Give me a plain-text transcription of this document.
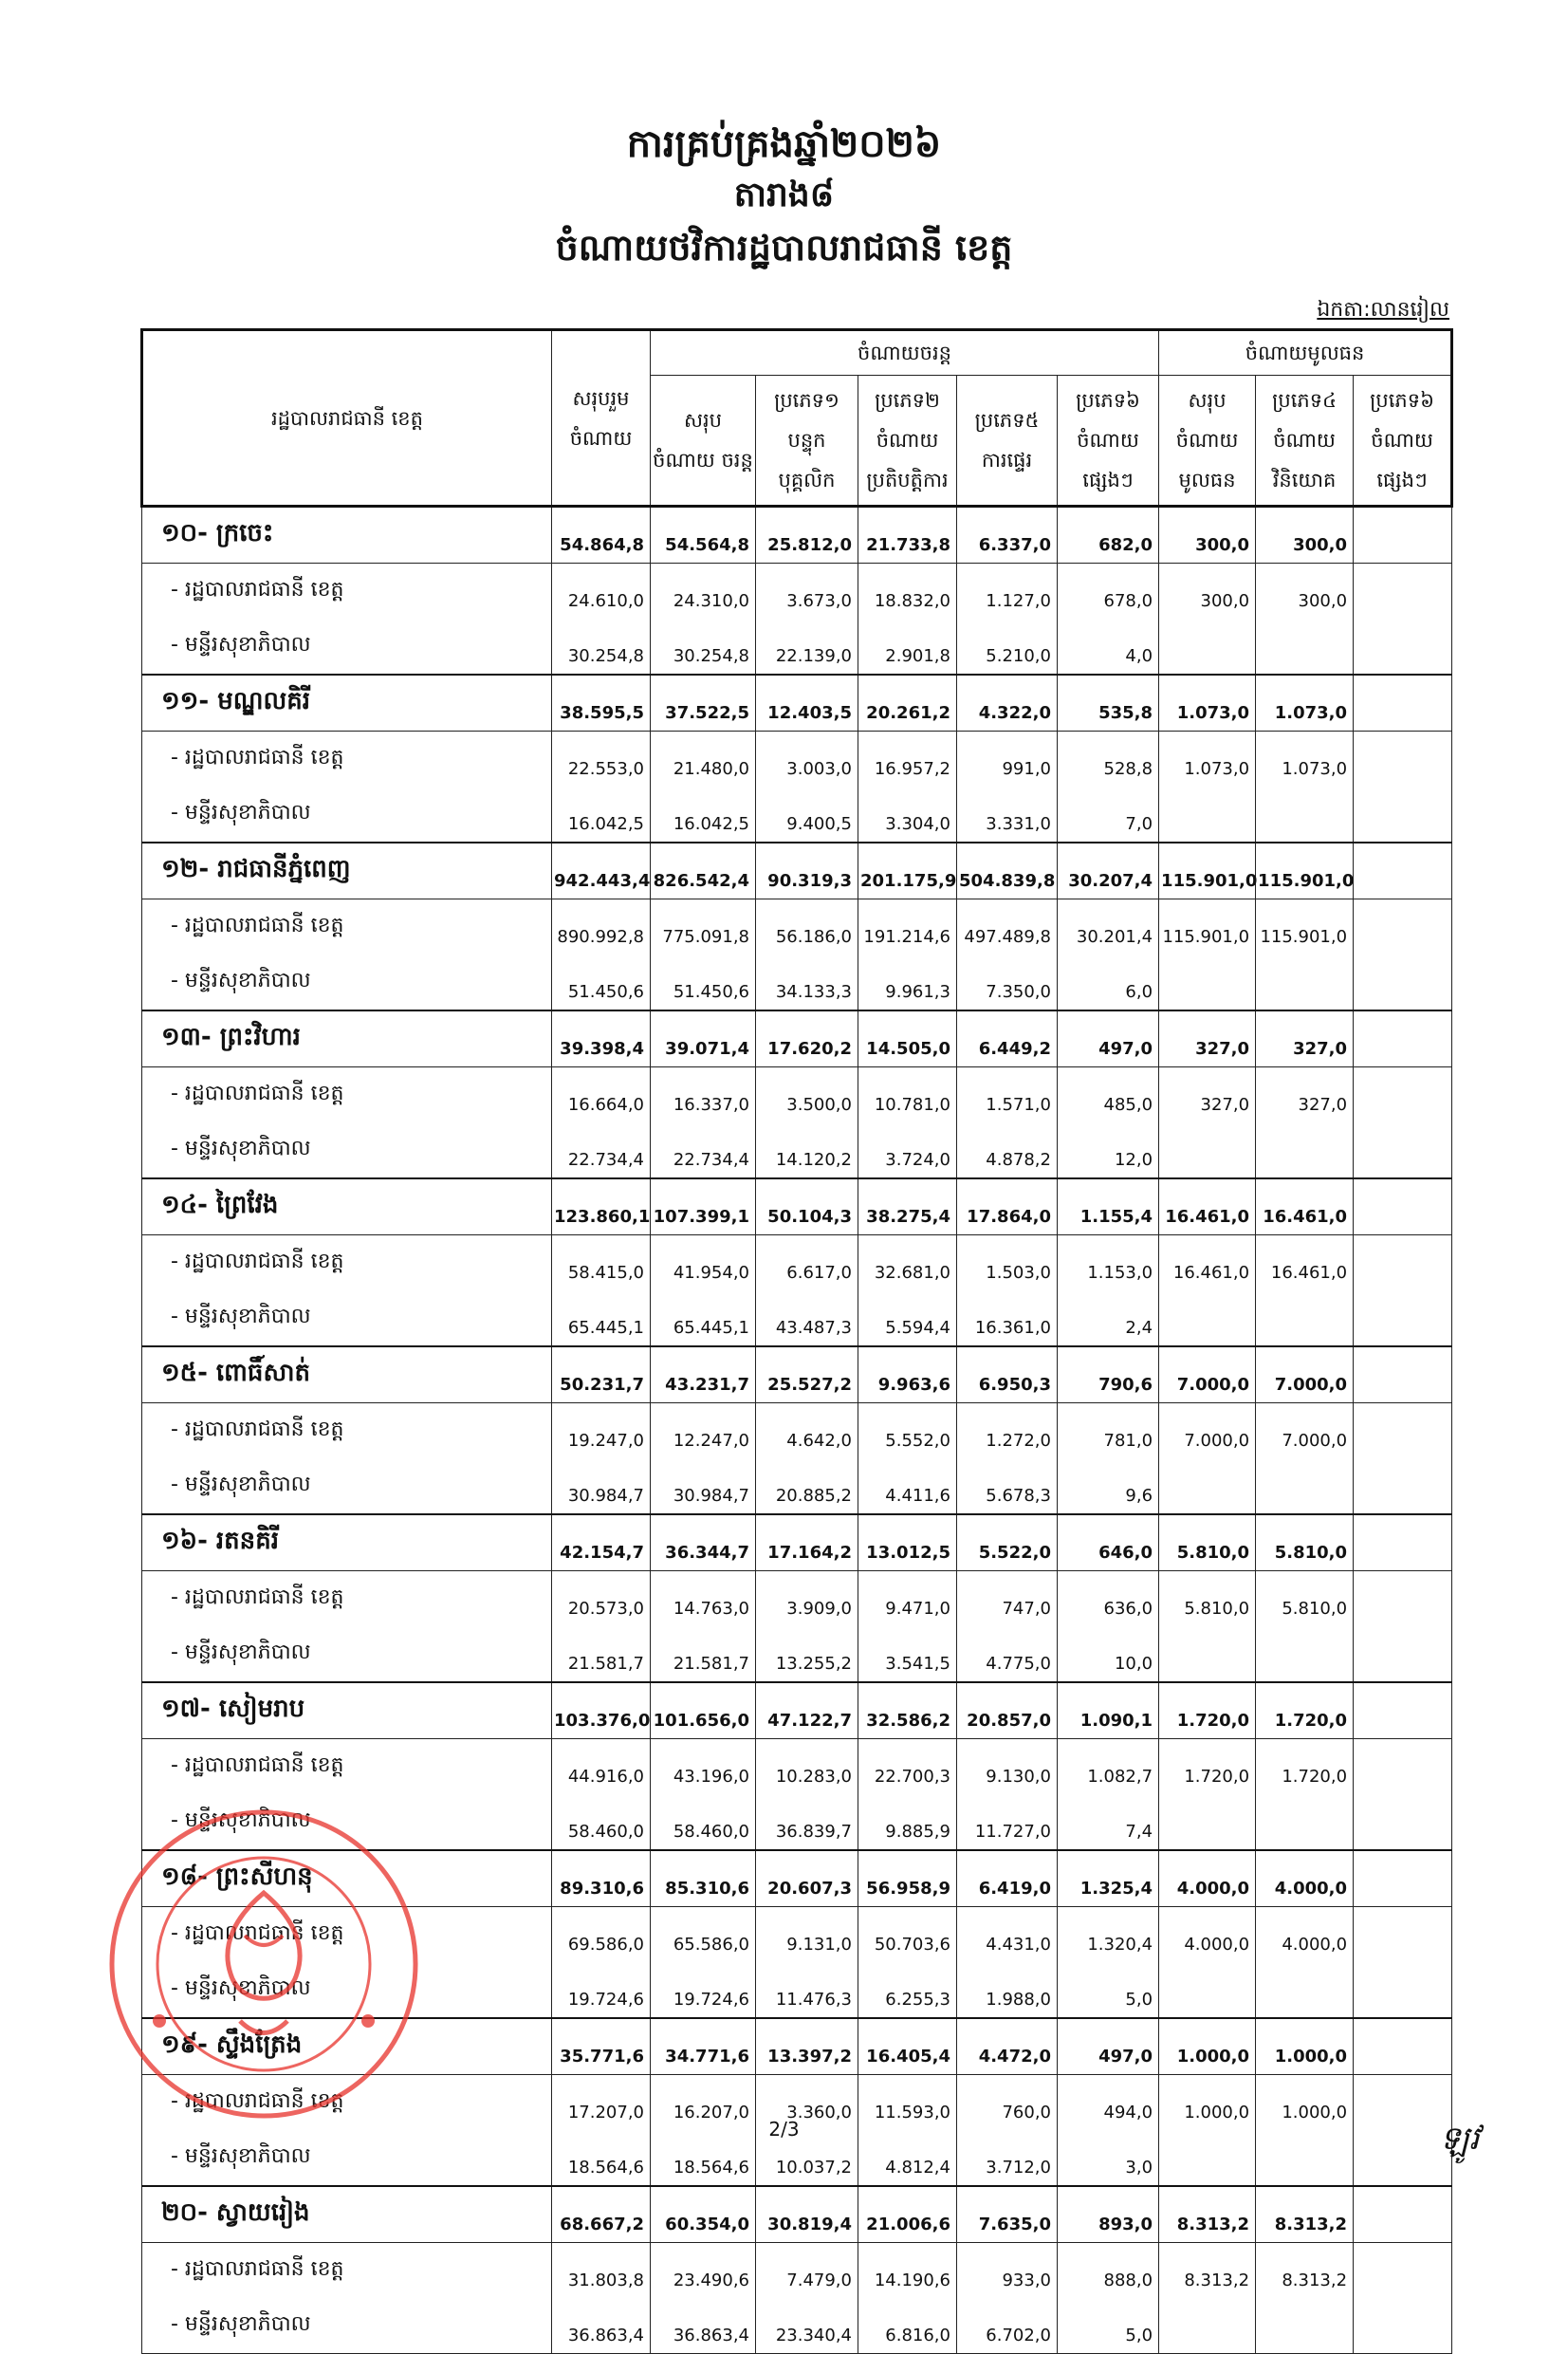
ការគ្រប់គ្រងឆ្នាំ២០២៦
តារាង៨
ចំណាយថវិការដ្ឋបាលរាជធានី ខេត្ត
ឯកតា:លានរៀល
រដ្ឋបាលរាជធានី ខេត្ត	សរុបរួម ចំណាយ	ចំណាយចរន្ត					ចំណាយមូលធន		
		សរុប ចំណាយ ចរន្ត	ប្រភេទ១ បន្ទុក បុគ្គលិក	ប្រភេទ២ ចំណាយ ប្រតិបត្តិការ	ប្រភេទ៥ ការផ្ទេរ	ប្រភេទ៦ ចំណាយ ផ្សេងៗ	សរុប ចំណាយ មូលធន	ប្រភេទ៤ ចំណាយ វិនិយោគ	ប្រភេទ៦ ចំណាយ ផ្សេងៗ
១០- ក្រចេះ	54.864,8	54.564,8	25.812,0	21.733,8	6.337,0	682,0	300,0	300,0	
- រដ្ឋបាលរាជធានី ខេត្ត	24.610,0	24.310,0	3.673,0	18.832,0	1.127,0	678,0	300,0	300,0	
- មន្ទីរសុខាភិបាល	30.254,8	30.254,8	22.139,0	2.901,8	5.210,0	4,0			
១១- មណ្ឌលគិរី	38.595,5	37.522,5	12.403,5	20.261,2	4.322,0	535,8	1.073,0	1.073,0	
- រដ្ឋបាលរាជធានី ខេត្ត	22.553,0	21.480,0	3.003,0	16.957,2	991,0	528,8	1.073,0	1.073,0	
- មន្ទីរសុខាភិបាល	16.042,5	16.042,5	9.400,5	3.304,0	3.331,0	7,0			
១២- រាជធានីភ្នំពេញ	942.443,4	826.542,4	90.319,3	201.175,9	504.839,8	30.207,4	115.901,0	115.901,0	
- រដ្ឋបាលរាជធានី ខេត្ត	890.992,8	775.091,8	56.186,0	191.214,6	497.489,8	30.201,4	115.901,0	115.901,0	
- មន្ទីរសុខាភិបាល	51.450,6	51.450,6	34.133,3	9.961,3	7.350,0	6,0			
១៣- ព្រះវិហារ	39.398,4	39.071,4	17.620,2	14.505,0	6.449,2	497,0	327,0	327,0	
- រដ្ឋបាលរាជធានី ខេត្ត	16.664,0	16.337,0	3.500,0	10.781,0	1.571,0	485,0	327,0	327,0	
- មន្ទីរសុខាភិបាល	22.734,4	22.734,4	14.120,2	3.724,0	4.878,2	12,0			
១៤- ព្រៃវែង	123.860,1	107.399,1	50.104,3	38.275,4	17.864,0	1.155,4	16.461,0	16.461,0	
- រដ្ឋបាលរាជធានី ខេត្ត	58.415,0	41.954,0	6.617,0	32.681,0	1.503,0	1.153,0	16.461,0	16.461,0	
- មន្ទីរសុខាភិបាល	65.445,1	65.445,1	43.487,3	5.594,4	16.361,0	2,4			
១៥- ពោធិ៍សាត់	50.231,7	43.231,7	25.527,2	9.963,6	6.950,3	790,6	7.000,0	7.000,0	
- រដ្ឋបាលរាជធានី ខេត្ត	19.247,0	12.247,0	4.642,0	5.552,0	1.272,0	781,0	7.000,0	7.000,0	
- មន្ទីរសុខាភិបាល	30.984,7	30.984,7	20.885,2	4.411,6	5.678,3	9,6			
១៦- រតនគិរី	42.154,7	36.344,7	17.164,2	13.012,5	5.522,0	646,0	5.810,0	5.810,0	
- រដ្ឋបាលរាជធានី ខេត្ត	20.573,0	14.763,0	3.909,0	9.471,0	747,0	636,0	5.810,0	5.810,0	
- មន្ទីរសុខាភិបាល	21.581,7	21.581,7	13.255,2	3.541,5	4.775,0	10,0			
១៧- សៀមរាប	103.376,0	101.656,0	47.122,7	32.586,2	20.857,0	1.090,1	1.720,0	1.720,0	
- រដ្ឋបាលរាជធានី ខេត្ត	44.916,0	43.196,0	10.283,0	22.700,3	9.130,0	1.082,7	1.720,0	1.720,0	
- មន្ទីរសុខាភិបាល	58.460,0	58.460,0	36.839,7	9.885,9	11.727,0	7,4			
១៨- ព្រះសីហនុ	89.310,6	85.310,6	20.607,3	56.958,9	6.419,0	1.325,4	4.000,0	4.000,0	
- រដ្ឋបាលរាជធានី ខេត្ត	69.586,0	65.586,0	9.131,0	50.703,6	4.431,0	1.320,4	4.000,0	4.000,0	
- មន្ទីរសុខាភិបាល	19.724,6	19.724,6	11.476,3	6.255,3	1.988,0	5,0			
១៩- ស្ទឹងត្រែង	35.771,6	34.771,6	13.397,2	16.405,4	4.472,0	497,0	1.000,0	1.000,0	
- រដ្ឋបាលរាជធានី ខេត្ត	17.207,0	16.207,0	3.360,0	11.593,0	760,0	494,0	1.000,0	1.000,0	
- មន្ទីរសុខាភិបាល	18.564,6	18.564,6	10.037,2	4.812,4	3.712,0	3,0			
២០- ស្វាយរៀង	68.667,2	60.354,0	30.819,4	21.006,6	7.635,0	893,0	8.313,2	8.313,2	
- រដ្ឋបាលរាជធានី ខេត្ត	31.803,8	23.490,6	7.479,0	14.190,6	933,0	888,0	8.313,2	8.313,2	
- មន្ទីរសុខាភិបាល	36.863,4	36.863,4	23.340,4	6.816,0	6.702,0	5,0			
2/3	ឡូវ
